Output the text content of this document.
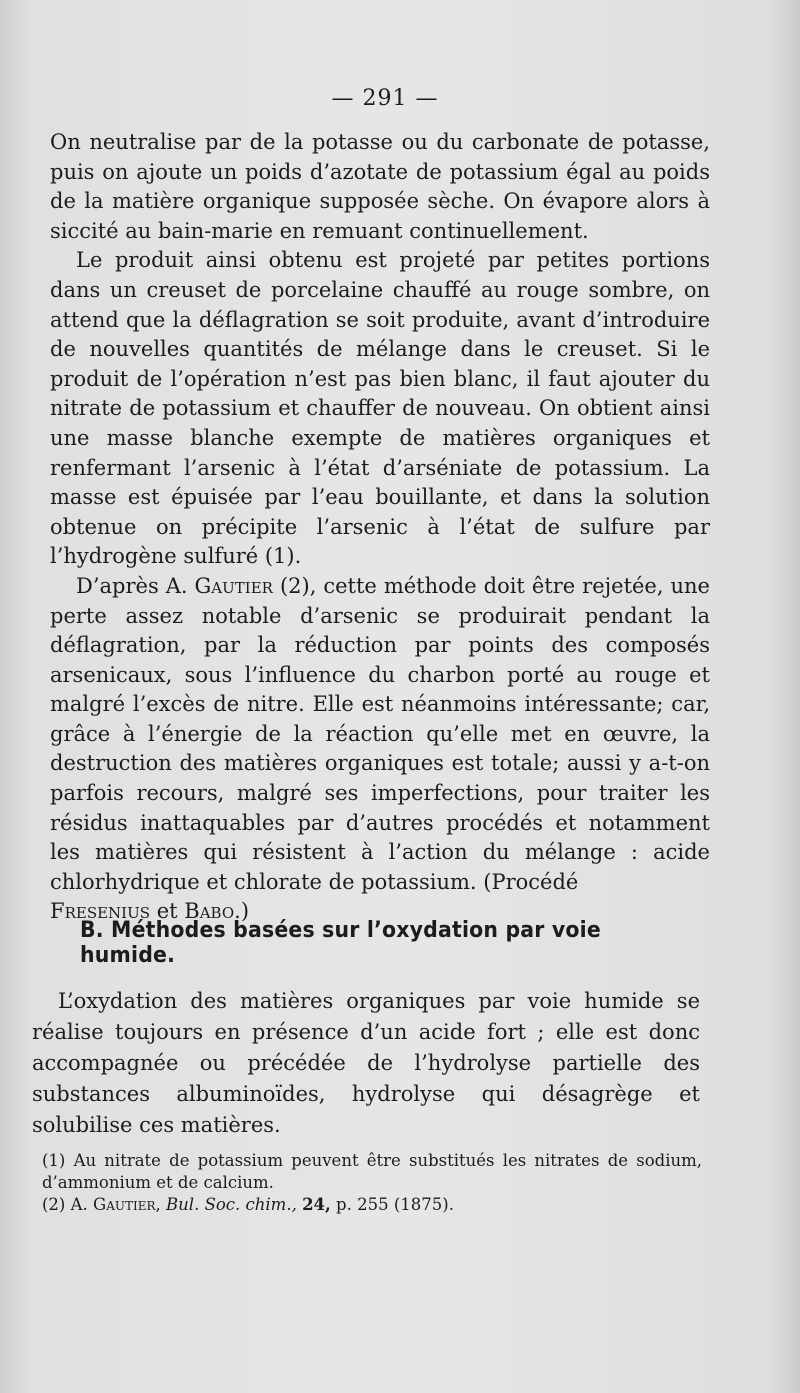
— 291 —

On neutralise par de la potasse ou du carbonate de potasse, puis on ajoute un poids d’azotate de potassium égal au poids de la matière organique supposée sèche. On évapore alors à siccité au bain-marie en remuant continuellement.

Le produit ainsi obtenu est projeté par petites portions dans un creuset de porcelaine chauffé au rouge sombre, on attend que la déflagration se soit produite, avant d’introduire de nouvelles quantités de mélange dans le creuset. Si le produit de l’opération n’est pas bien blanc, il faut ajouter du nitrate de potassium et chauffer de nouveau. On obtient ainsi une masse blanche exempte de matières organiques et renfermant l’arsenic à l’état d’arséniate de potassium. La masse est épuisée par l’eau bouillante, et dans la solution obtenue on précipite l’arsenic à l’état de sulfure par l’hydrogène sulfuré (1).

D’après A. Gautier (2), cette méthode doit être rejetée, une perte assez notable d’arsenic se produirait pendant la déflagration, par la réduction par points des composés arsenicaux, sous l’influence du charbon porté au rouge et malgré l’excès de nitre. Elle est néanmoins intéressante; car, grâce à l’énergie de la réaction qu’elle met en œuvre, la destruction des matières organiques est totale; aussi y a-t-on parfois recours, malgré ses imperfections, pour traiter les résidus inattaquables par d’autres procédés et notamment les matières qui résistent à l’action du mélange : acide chlorhydrique et chlorate de potassium. (Procédé
Fresenius et Babo.)

B. Méthodes basées sur l’oxydation par voie humide.

L’oxydation des matières organiques par voie humide se réalise toujours en présence d’un acide fort ; elle est donc accompagnée ou précédée de l’hydrolyse partielle des substances albuminoïdes, hydrolyse qui désagrège et solubilise ces matières.

(1) Au nitrate de potassium peuvent être substitués les nitrates de sodium, d’ammonium et de calcium.

(2) A. Gautier, Bul. Soc. chim., 24, p. 255 (1875).
